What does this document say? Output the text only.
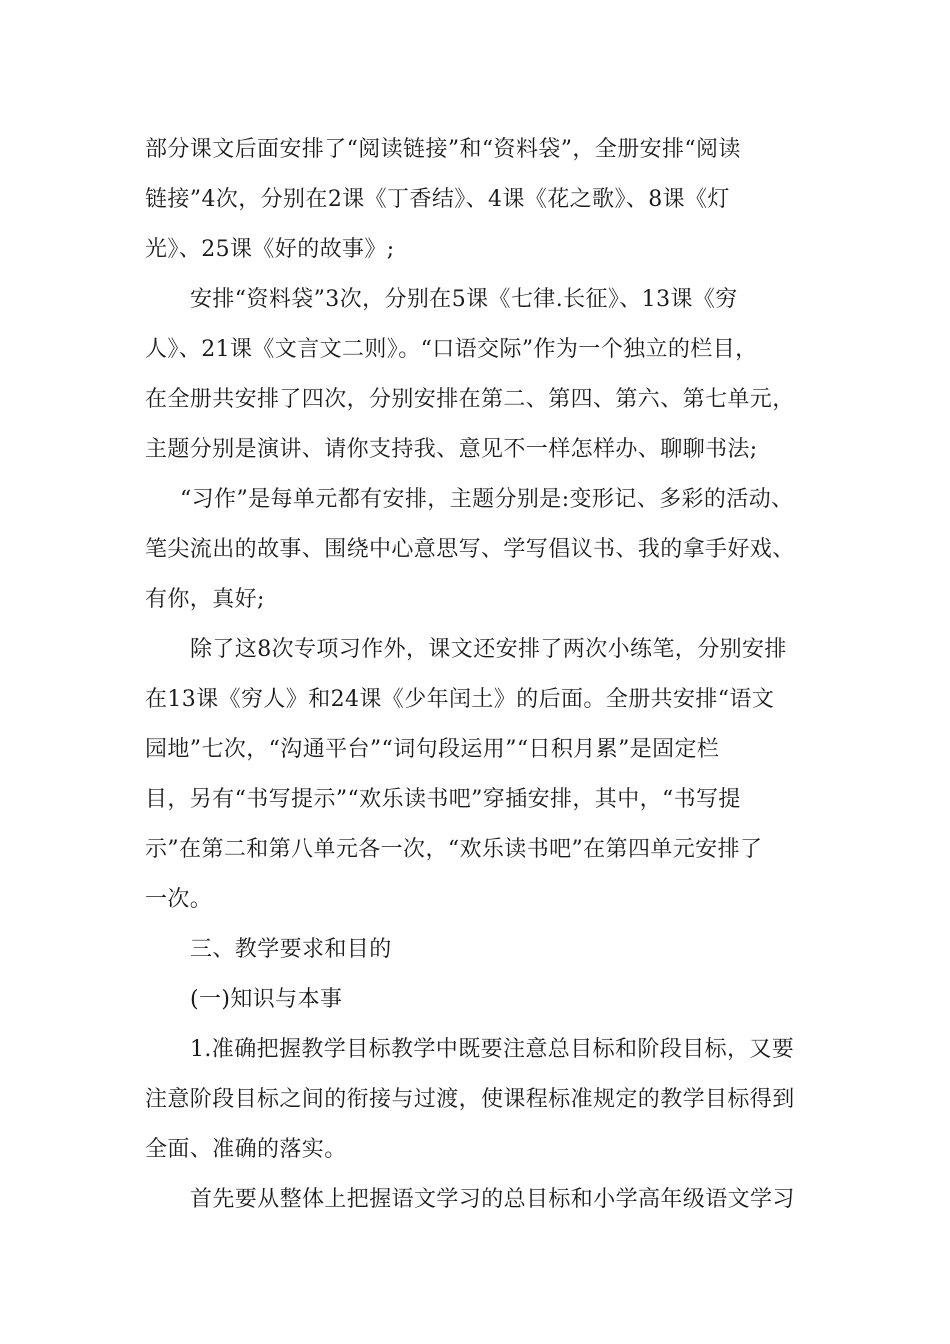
部分课文后面安排了“阅读链接”和“资料袋”，全册安排“阅读
链接”4次，分别在2课《丁香结》、4课《花之歌》、8课《灯
光》、25课《好的故事》;
安排“资料袋”3次，分别在5课《七律.长征》、13课《穷
人》、21课《文言文二则》。“口语交际”作为一个独立的栏目，
在全册共安排了四次，分别安排在第二、第四、第六、第七单元，
主题分别是演讲、请你支持我、意见不一样怎样办、聊聊书法;
“习作”是每单元都有安排，主题分别是:变形记、多彩的活动、
笔尖流出的故事、围绕中心意思写、学写倡议书、我的拿手好戏、
有你，真好;
除了这8次专项习作外，课文还安排了两次小练笔，分别安排
在13课《穷人》和24课《少年闰土》的后面。全册共安排“语文
园地”七次，“沟通平台”“词句段运用”“日积月累”是固定栏
目，另有“书写提示”“欢乐读书吧”穿插安排，其中，“书写提
示”在第二和第八单元各一次，“欢乐读书吧”在第四单元安排了
一次。
三、教学要求和目的
(一)知识与本事
1.准确把握教学目标教学中既要注意总目标和阶段目标，又要
注意阶段目标之间的衔接与过渡，使课程标准规定的教学目标得到
全面、准确的落实。
首先要从整体上把握语文学习的总目标和小学高年级语文学习
